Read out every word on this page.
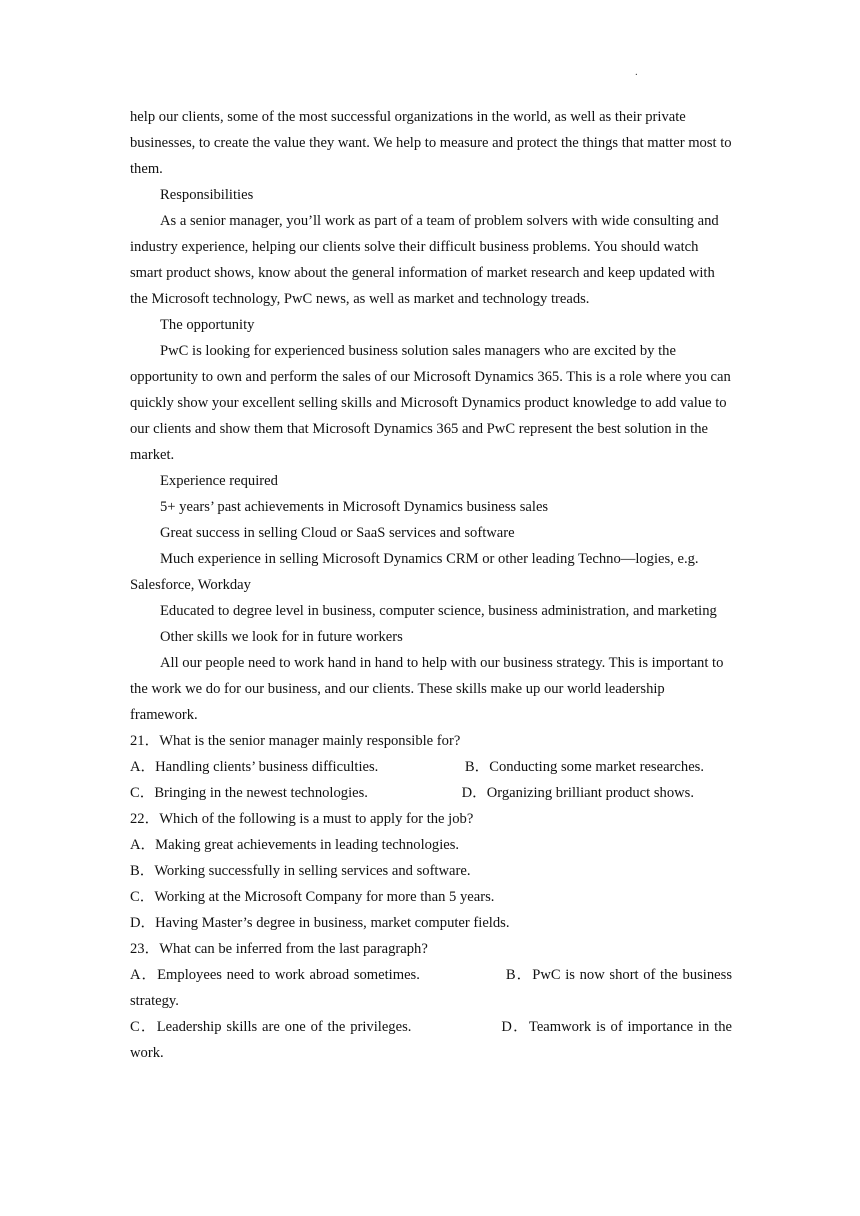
.

help our clients, some of the most successful organizations in the world, as well as their private businesses, to create the value they want. We help to measure and protect the things that matter most to them.

Responsibilities

As a senior manager, you’ll work as part of a team of problem solvers with wide consulting and industry experience, helping our clients solve their difficult business problems. You should watch smart product shows, know about the general information of market research and keep updated with the Microsoft technology, PwC news, as well as market and technology treads.

The opportunity

PwC is looking for experienced business solution sales managers who are excited by the opportunity to own and perform the sales of our Microsoft Dynamics 365. This is a role where you can quickly show your excellent selling skills and Microsoft Dynamics product knowledge to add value to our clients and show them that Microsoft Dynamics 365 and PwC represent the best solution in the market.

Experience required

5+ years’ past achievements in Microsoft Dynamics business sales

Great success in selling Cloud or SaaS services and software

Much experience in selling Microsoft Dynamics CRM or other leading Techno—logies, e.g. Salesforce, Workday

Educated to degree level in business, computer science, business administration, and marketing

Other skills we look for in future workers

All our people need to work hand in hand to help with our business strategy. This is important to the work we do for our business, and our clients. These skills make up our world leadership framework.

21．What is the senior manager mainly responsible for?

A．Handling clients’ business difficulties.	B．Conducting some market researches.
C．Bringing in the newest technologies.	D．Organizing brilliant product shows.

22．Which of the following is a must to apply for the job?

A．Making great achievements in leading technologies.

B．Working successfully in selling services and software.

C．Working at the Microsoft Company for more than 5 years.

D．Having Master’s degree in business, market computer fields.

23．What can be inferred from the last paragraph?

A．Employees need to work abroad sometimes.	B．PwC is now short of the business strategy.

C．Leadership skills are one of the privileges.	D．Teamwork is of importance in the work.
